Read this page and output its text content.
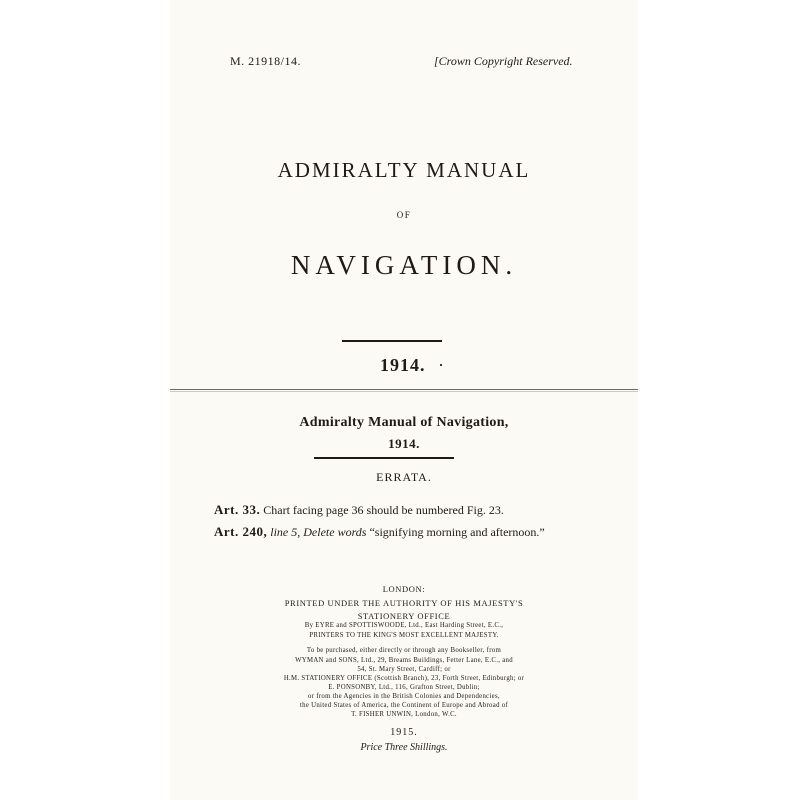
M. 21918/14.	[Crown Copyright Reserved.
ADMIRALTY MANUAL
OF
NAVIGATION.
1914. ·
Admiralty Manual of Navigation,
1914.
ERRATA.
Art. 33. Chart facing page 36 should be numbered Fig. 23.
Art. 240, line 5, Delete words “signifying morning and afternoon.”
LONDON:
PRINTED UNDER THE AUTHORITY OF HIS MAJESTY'S
STATIONERY OFFICE
By EYRE and SPOTTISWOODE, Ltd., East Harding Street, E.C.,
PRINTERS TO THE KING'S MOST EXCELLENT MAJESTY.
To be purchased, either directly or through any Bookseller, from
WYMAN and SONS, Ltd., 29, Breams Buildings, Fetter Lane, E.C., and
54, St. Mary Street, Cardiff; or
H.M. STATIONERY OFFICE (Scottish Branch), 23, Forth Street, Edinburgh; or
E. PONSONBY, Ltd., 116, Grafton Street, Dublin;
or from the Agencies in the British Colonies and Dependencies,
the United States of America, the Continent of Europe and Abroad of
T. FISHER UNWIN, London, W.C.
1915.
Price Three Shillings.
